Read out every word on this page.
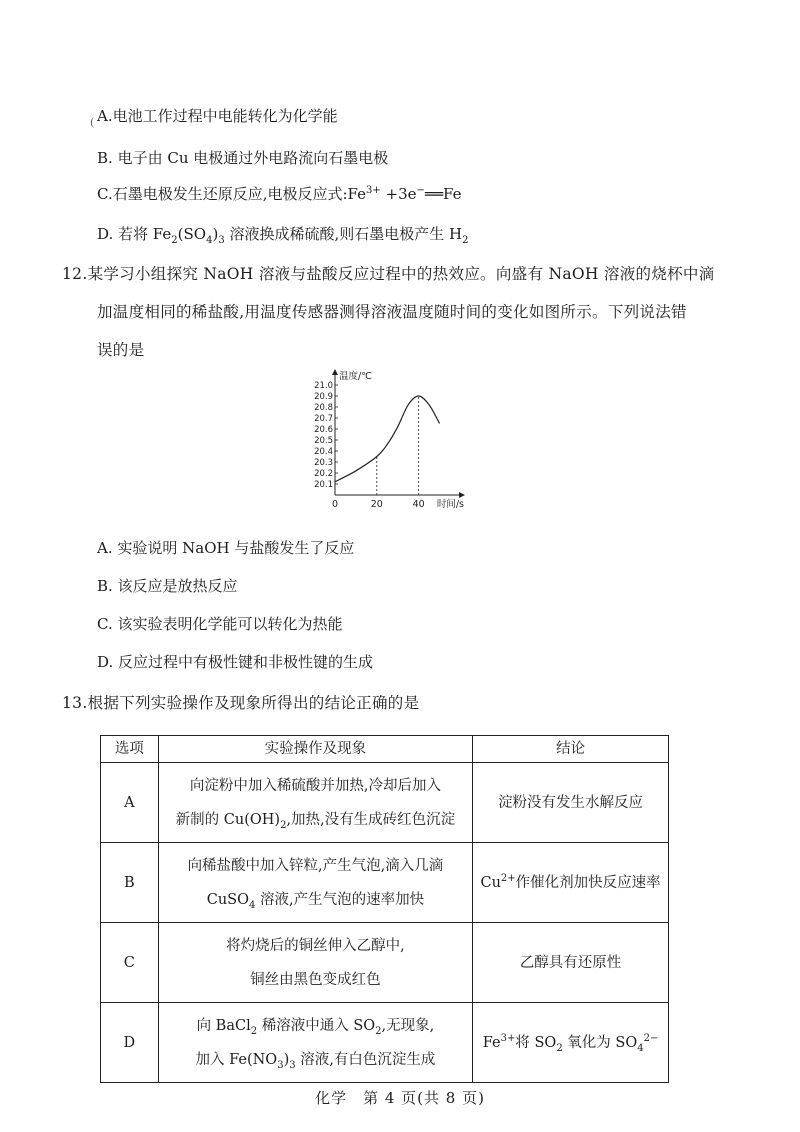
( A.电池工作过程中电能转化为化学能
B. 电子由 Cu 电极通过外电路流向石墨电极
C.石墨电极发生还原反应,电极反应式$:Fe^{3+}$ +3e−══Fe
D. 若将 $Fe_2(SO_4)_3$ 溶液换成稀硫酸,则石墨电极产生 $H_2$
12.某学习小组探究 NaOH 溶液与盐酸反应过程中的热效应。向盛有 NaOH 溶液的烧杯中滴
加温度相同的稀盐酸,用温度传感器测得溶液温度随时间的变化如图所示。下列说法错
误的是
21.0
20.9
20.8
20.7
20.6
20.5
20.4
20.3
20.2
20.1
0	20	40
温度/℃
时间/s
A. 实验说明 NaOH 与盐酸发生了反应
B. 该反应是放热反应
C. 该实验表明化学能可以转化为热能
D. 反应过程中有极性键和非极性键的生成
13.根据下列实验操作及现象所得出的结论正确的是
选项	实验操作及现象	结论
A	向淀粉中加入稀硫酸并加热,冷却后加入
新制的 $Cu(OH)_2$,加热,没有生成砖红色沉淀	淀粉没有发生水解反应
B	向稀盐酸中加入锌粒,产生气泡,滴入几滴
CuSO$_4$ 溶液,产生气泡的速率加快	$Cu^{2+}$作催化剂加快反应速率
C	将灼烧后的铜丝伸入乙醇中,
铜丝由黑色变成红色	乙醇具有还原性
D	向 BaCl$_2$ 稀溶液中通入 $SO_2$,无现象,
加入 $Fe(NO_3)_3$ 溶液,有白色沉淀生成	$Fe^{3+}$将 $SO_2$ 氧化为 $SO_4^{2-}$
化学　第 4 页(共 8 页)
